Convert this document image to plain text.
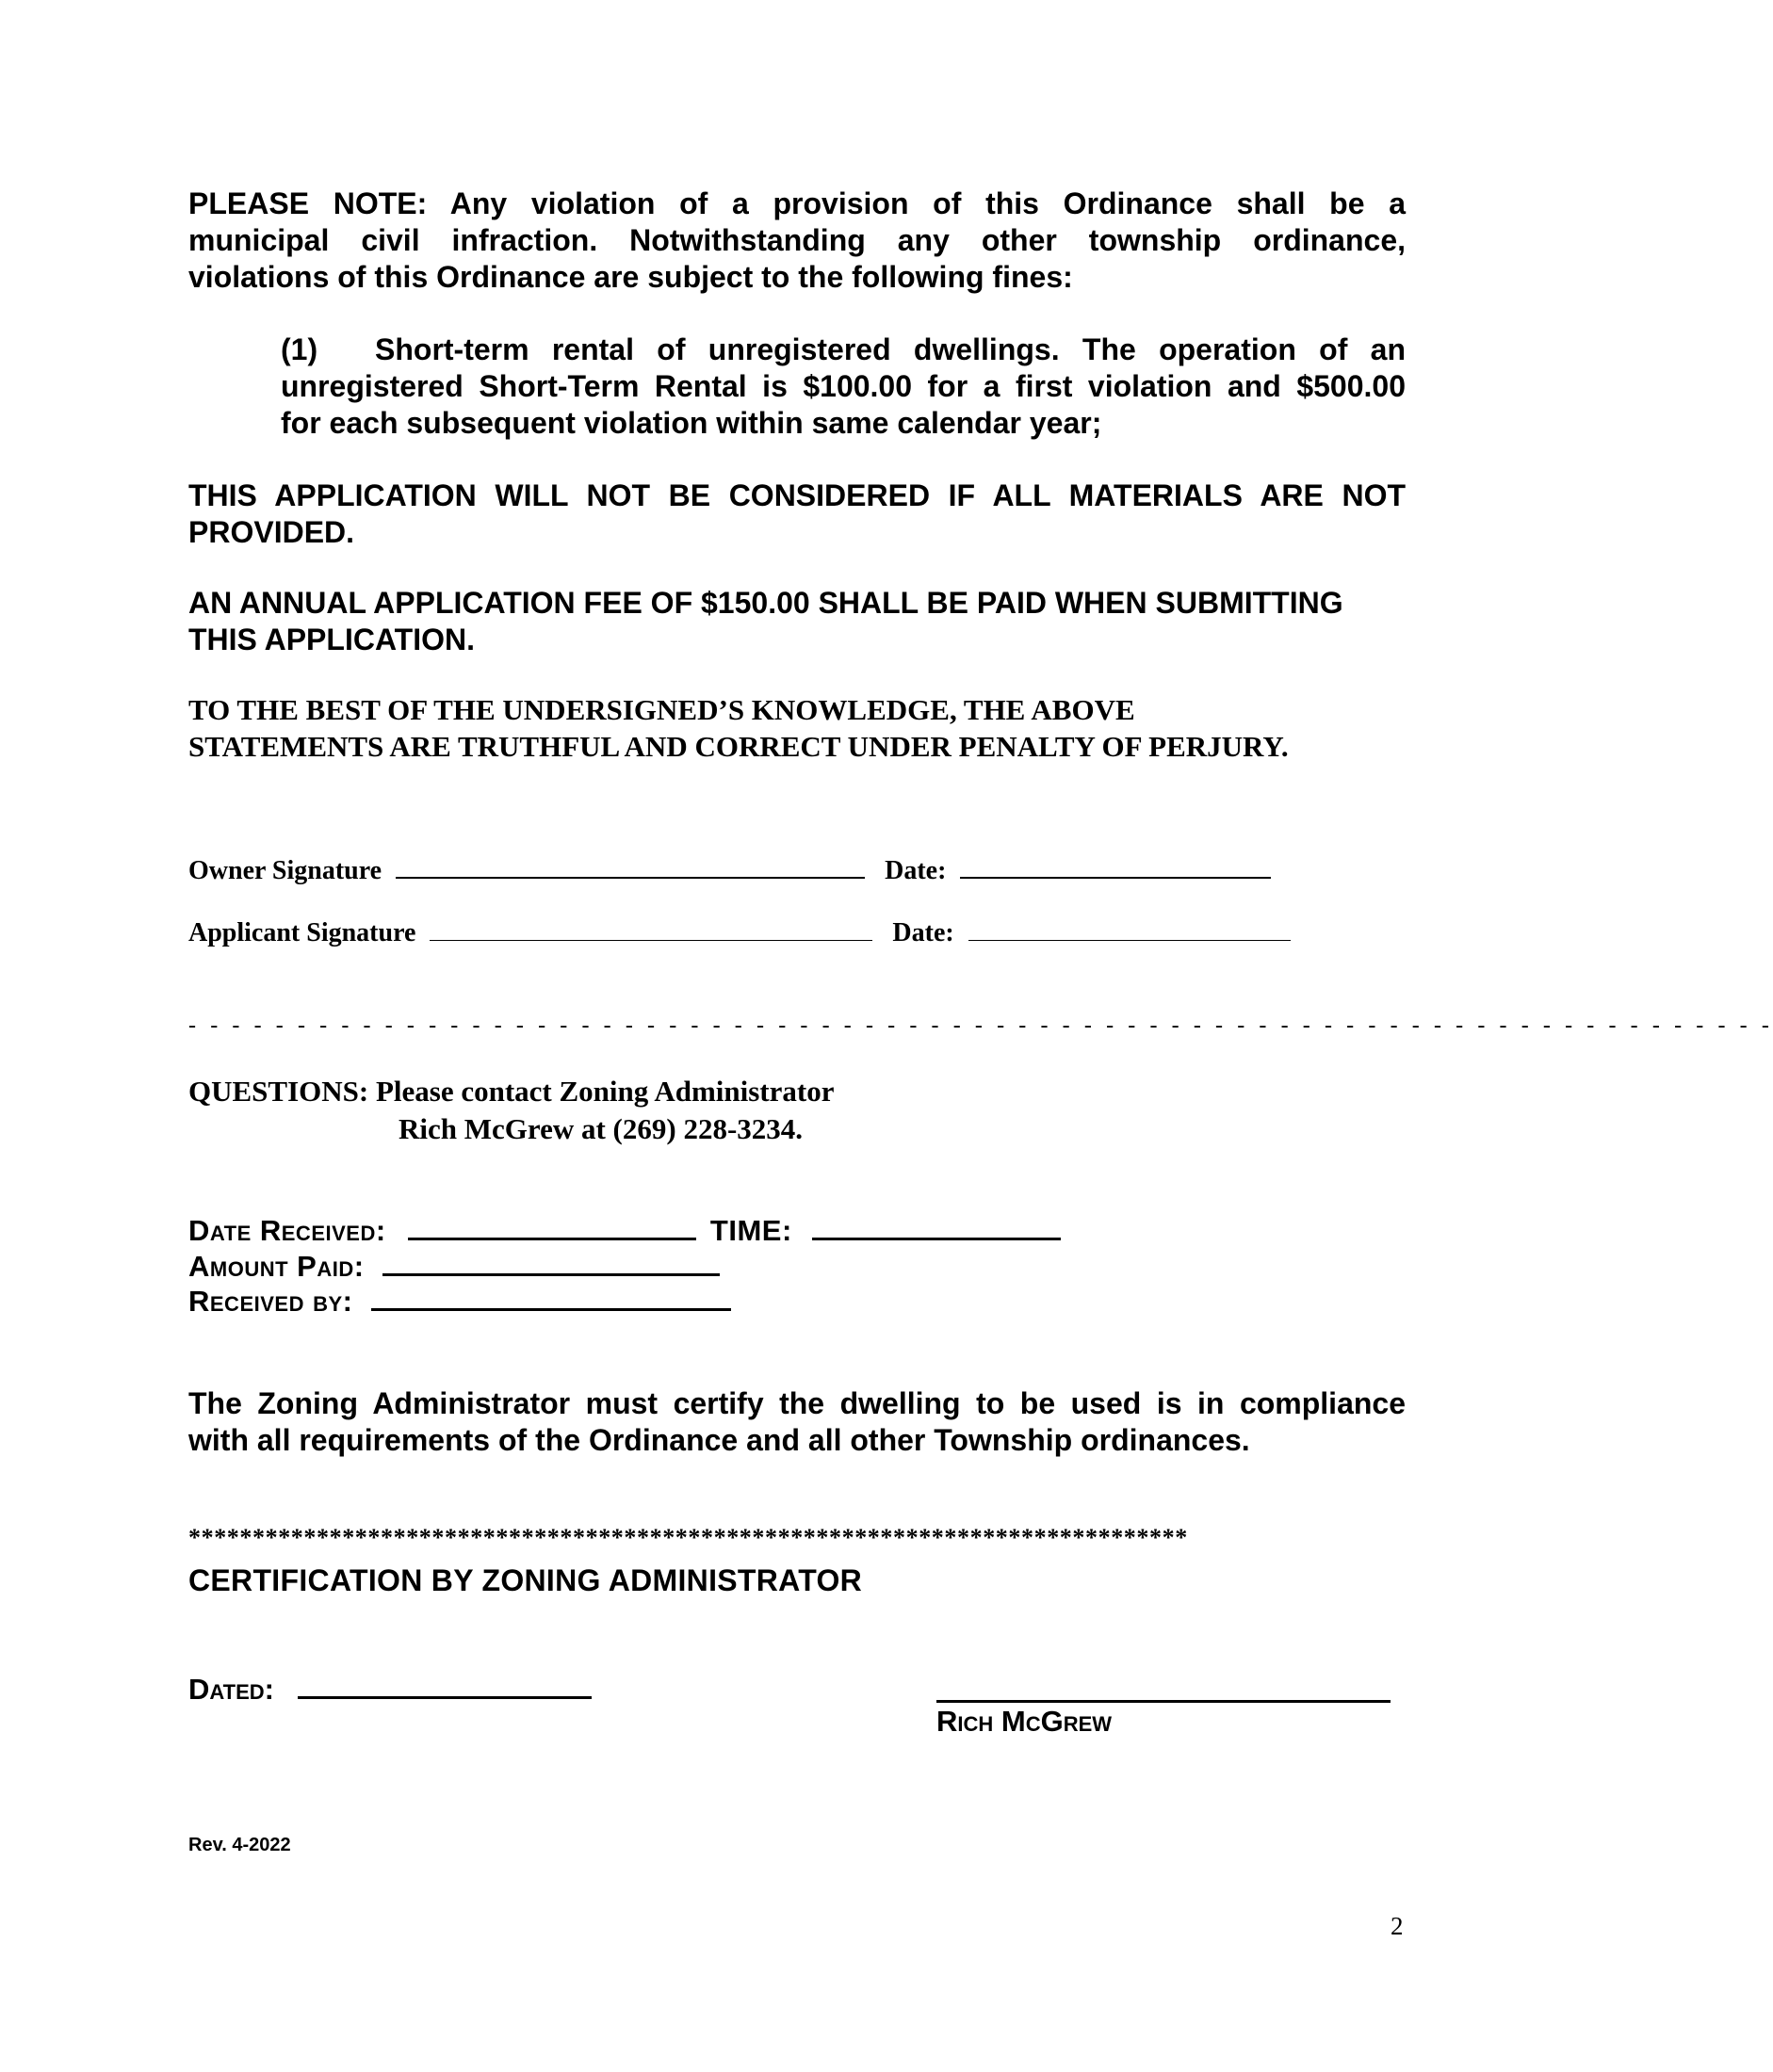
PLEASE NOTE: Any violation of a provision of this Ordinance shall be a

municipal civil infraction. Notwithstanding any other township ordinance,

violations of this Ordinance are subject to the following fines:

(1) Short-term rental of unregistered dwellings. The operation of an

unregistered Short-Term Rental is $100.00 for a first violation and $500.00

for each subsequent violation within same calendar year;

THIS APPLICATION WILL NOT BE CONSIDERED IF ALL MATERIALS ARE NOT
PROVIDED.
AN ANNUAL APPLICATION FEE OF $150.00 SHALL BE PAID WHEN SUBMITTING
THIS APPLICATION.
TO THE BEST OF THE UNDERSIGNED’S KNOWLEDGE, THE ABOVE
STATEMENTS ARE TRUTHFUL AND CORRECT UNDER PENALTY OF PERJURY.
Owner Signature	Date:
Applicant Signature	Date:
- - - - - - - - - - - - - - - - - - - - - - - - - - - - - - - - - - - - - - - - - - - - - - - - - - - - - - - - - - - - - - - - - - - - - - - - -
QUESTIONS: Please contact Zoning Administrator
Rich McGrew at (269) 228-3234.
Date Received:	TIME:
Amount Paid:
Received by:

The Zoning Administrator must certify the dwelling to be used is in compliance

with all requirements of the Ordinance and all other Township ordinances.

******************************************************************************
CERTIFICATION BY ZONING ADMINISTRATOR
Dated:
Rich McGrew
Rev. 4-2022
2
